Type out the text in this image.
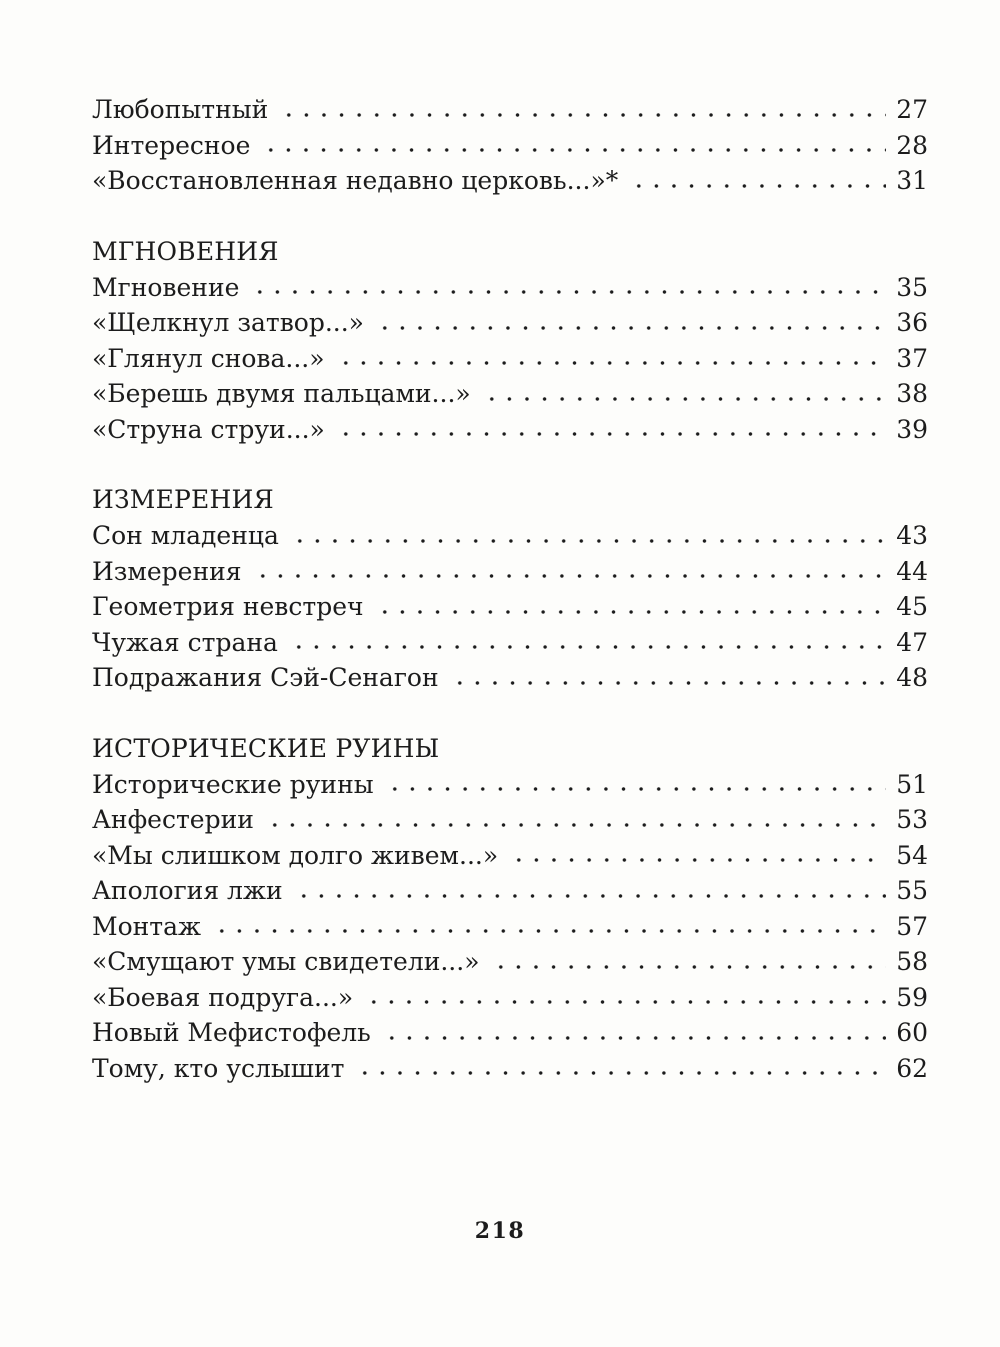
Любопытный	27
Интересное	28
«Восстановленная недавно церковь...»*	31
МГНОВЕНИЯ
Мгновение	35
«Щелкнул затвор...»	36
«Глянул снова...»	37
«Берешь двумя пальцами...»	38
«Струна струи...»	39
ИЗМЕРЕНИЯ
Сон младенца	43
Измерения	44
Геометрия невстреч	45
Чужая страна	47
Подражания Сэй-Сенагон	48
ИСТОРИЧЕСКИЕ РУИНЫ
Исторические руины	51
Анфестерии	53
«Мы слишком долго живем...»	54
Апология лжи	55
Монтаж	57
«Смущают умы свидетели...»	58
«Боевая подруга...»	59
Новый Мефистофель	60
Тому, кто услышит	62
218
